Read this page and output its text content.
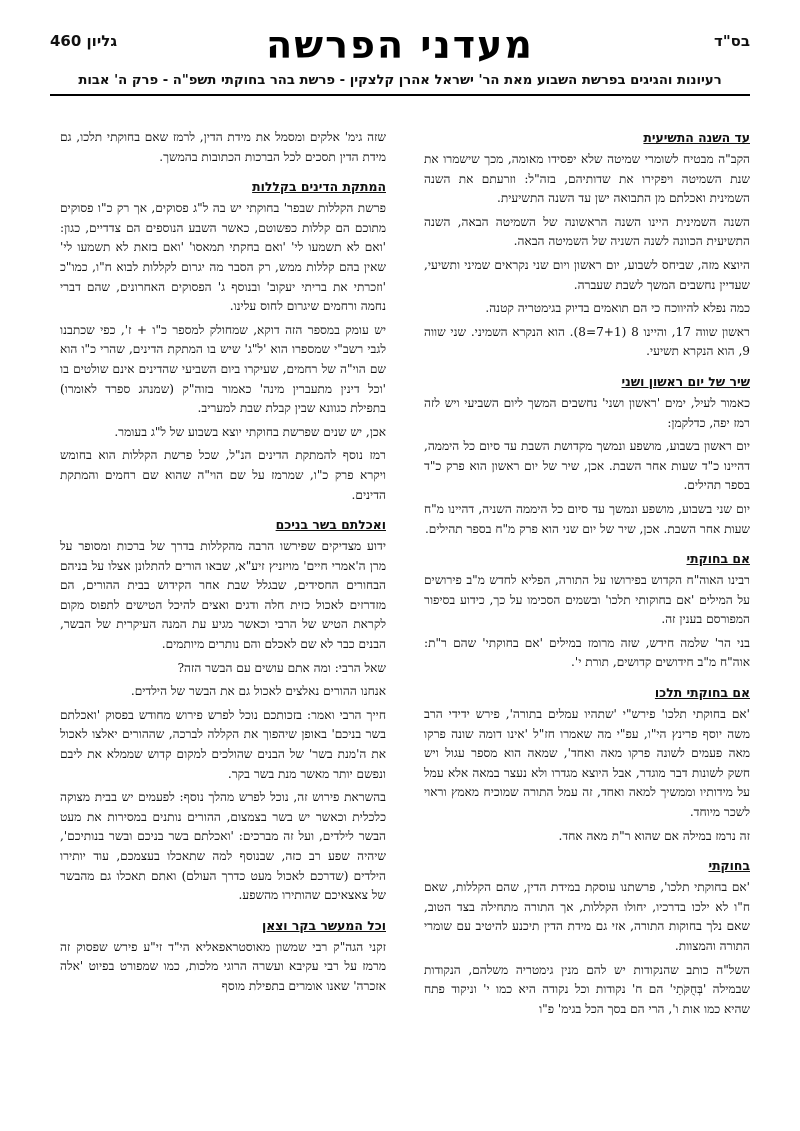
בס"ד
מעדני הפרשה
גליון 460
רעיונות והגיגים בפרשת השבוע מאת הר' ישראל אהרן קלצקין - פרשת בהר בחוקתי תשפ"ה - פרק ה' אבות
עד השנה התשיעית

הקב"ה מבטיח לשומרי שמיטה שלא יפסידו מאומה, מכך שישמרו את שנת השמיטה ויפקירו את שדותיהם, בזה"ל: וזרעתם את השנה השמינית ואכלתם מן התבואה ישן עד השנה התשיעית.

השנה השמינית היינו השנה הראשונה של השמיטה הבאה, השנה התשיעית הכוונה לשנה השניה של השמיטה הבאה.

היוצא מזה, שביחס לשבוע, יום ראשון ויום שני נקראים שמיני ותשיעי, שעדיין נחשבים המשך לשבת שעברה.

כמה נפלא להיווכח כי הם תואמים בדיוק בגימטריה קטנה.

ראשון שווה 17, והיינו 8 (7+1=8). הוא הנקרא השמיני. שני שווה 9, הוא הנקרא תשיעי.

שיר של יום ראשון ושני

כאמור לעיל, ימים 'ראשון ושני' נחשבים המשך ליום השביעי ויש לזה רמז יפה, כדלקמן:

יום ראשון בשבוע, מושפע ונמשך מקדושת השבת עד סיום כל היממה, דהיינו כ"ד שעות אחר השבת. אכן, שיר של יום ראשון הוא פרק כ"ד בספר תהילים.

יום שני בשבוע, מושפע ונמשך עד סיום כל היממה השניה, דהיינו מ"ח שעות אחר השבת. אכן, שיר של יום שני הוא פרק מ"ח בספר תהילים.

אם בחוקתי

רבינו האוה"ח הקדוש בפירושו על התורה, הפליא לחדש מ"ב פירושים על המילים 'אם בחוקותי תלכו' ובשמים הסכימו על כך, כידוע בסיפור המפורסם בענין זה.

בני הר' שלמה חידש, שזה מרומז במילים 'אם בחוקתי' שהם ר"ת: אוה"ח מ"ב חידושים קדושים, תורת י'.

אם בחוקתי תלכו

'אם בחוקתי תלכו' פירש"י 'שתהיו עמלים בתורה', פירש ידידי הרב משה יוסף פרינץ הי"ו, עפ"י מה שאמרו חז"ל 'אינו דומה שונה פרקו מאה פעמים לשונה פרקו מאה ואחד', שמאה הוא מספר עגול ויש חשק לשונות דבר מוגדר, אבל היוצא מגדרו ולא נעצר במאה אלא עמל על מידותיו וממשיך למאה ואחד, זה עמל התורה שמוכיח מאמץ וראוי לשכר מיוחד.

זה נרמז במילה אם שהוא ר"ת מאה אחד.

בחוקתי

'אם בחוקתי תלכו', פרשתנו עוסקת במידת הדין, שהם הקללות, שאם ח"ו לא ילכו בדרכיו, יחולו הקללות, אך התורה מתחילה בצד הטוב, שאם נלך בחוקות התורה, אזי גם מידת הדין תיכנע להיטיב עם שומרי התורה והמצוות.

השל"ה כותב שהנקודות יש להם מנין גימטריה משלהם, הנקודות שבמילה 'בְּחֻקֹּתַי' הם ח' נקודות וכל נקודה היא כמו י' וניקוד פתח שהיא כמו אות ו', הרי הם בסך הכל בגימ' פ"ו

שזה גימ' אלקים ומסמל את מידת הדין, לרמז שאם בחוקתי תלכו, גם מידת הדין תסכים לכל הברכות הכתובות בהמשך.

המתקת הדינים בקללות

פרשת הקללות שבפר' בחוקתי יש בה ל"ג פסוקים, אך רק כ"ו פסוקים מתוכם הם קללות כפשוטם, כאשר השבע הנוספים הם צדדיים, כגון: 'ואם לא תשמעו לי' 'ואם בחקתי תמאסו' 'ואם בזאת לא תשמעו לי' שאין בהם קללות ממש, רק הסבר מה יגרום לקללות לבוא ח"ו, כמו"כ 'וזכרתי את בריתי יעקוב' ובנוסף ג' הפסוקים האחרונים, שהם דברי נחמה ורחמים שיגרום לחוס עלינו.

יש עומק במספר הזה דוקא, שמחולק למספר כ"ו + ז', כפי שכתבנו לגבי רשב"י שמספרו הוא 'ל"ג' שיש בו המתקת הדינים, שהרי כ"ו הוא שם הוי"ה של רחמים, שעיקרו ביום השביעי שהדינים אינם שולטים בו 'וכל דינין מתעברין מינה' כאמור בזוה"ק (שמנהג ספרד לאומרו) בתפילת כגוונא שבין קבלת שבת למעריב.

אכן, יש שנים שפרשת בחוקתי יוצא בשבוע של ל"ג בעומר.

רמז נוסף להמתקת הדינים הנ"ל, שכל פרשת הקללות הוא בחומש ויקרא פרק כ"ו, שמרמז על שם הוי"ה שהוא שם רחמים והמתקת הדינים.

ואכלתם בשר בניכם

ידוע מצדיקים שפירשו הרבה מהקללות בדרך של ברכות ומסופר על מרן ה'אמרי חיים' מויזניץ זיע"א, שבאו הורים להתלונן אצלו על בניהם הבחורים החסידים, שבגלל שבת אחר הקידוש בבית ההורים, הם מזדרזים לאכול כזית חלה ודגים ואצים להיכל הטישים לתפוס מקום לקראת הטיש של הרבי וכאשר מגיע עת המנה העיקרית של הבשר, הבנים כבר לא שם לאכלם והם נותרים מיותמים.

שאל הרבי: ומה אתם עושים עם הבשר הזה?

אנחנו ההורים נאלצים לאכול גם את הבשר של הילדים.

חייך הרבי ואמר: בזכותכם נוכל לפרש פירוש מחודש בפסוק 'ואכלתם בשר בניכם' באופן שיהפוך את הקללה לברכה, שההורים יאלצו לאכול את ה'מנת בשר' של הבנים שהולכים למקום קדוש שממלא את ליבם ונפשם יותר מאשר מנת בשר בקר.

בהשראת פירוש זה, נוכל לפרש מהלך נוסף: לפעמים יש בבית מצוקה כלכלית וכאשר יש בשר בצמצום, ההורים נותנים במסירות את מעט הבשר לילדים, ועל זה מברכים: 'ואכלתם בשר בניכם ובשר בנותיכם', שיהיה שפע רב כזה, שבנוסף למה שתאכלו בעצמכם, עוד יותירו הילדים (שדרכם לאכול מעט כדרך העולם) ואתם תאכלו גם מהבשר של צאצאיכם שהותירו מהשפע.

וכל המעשר בקר וצאן

זקני הגה"ק רבי שמשון מאוסטראפאליא הי"ד זי"ע פירש שפסוק זה מרמז על רבי עקיבא ועשרה הרוגי מלכות, כמו שמפורט בפיוט 'אלה אזכרה' שאנו אומרים בתפילת מוסף
